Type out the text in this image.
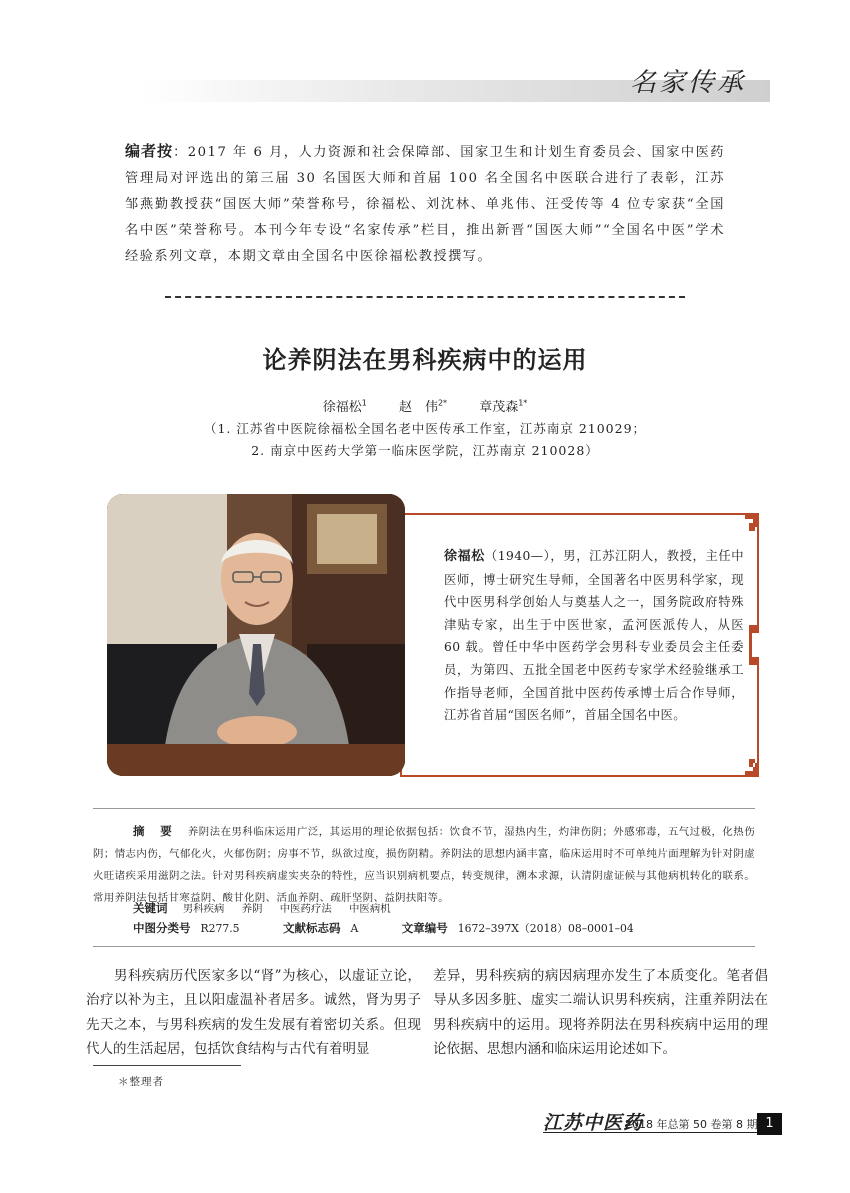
名家传承
编者按：2017 年 6 月，人力资源和社会保障部、国家卫生和计划生育委员会、国家中医药管理局对评选出的第三届 30 名国医大师和首届 100 名全国名中医联合进行了表彰，江苏邹燕勤教授获“国医大师”荣誉称号，徐福松、刘沈林、单兆伟、汪受传等 4 位专家获“全国名中医”荣誉称号。本刊今年专设“名家传承”栏目，推出新晋“国医大师”“全国名中医”学术经验系列文章，本期文章由全国名中医徐福松教授撰写。
论养阴法在男科疾病中的运用
徐福松$^1$ 赵　伟$^{2*}$ 章茂森$^{1*}$
（1. 江苏省中医院徐福松全国名老中医传承工作室，江苏南京 210029；
2. 南京中医药大学第一临床医学院，江苏南京 210028）
徐福松（1940—），男，江苏江阴人，教授，主任中医师，博士研究生导师，全国著名中医男科学家，现代中医男科学创始人与奠基人之一，国务院政府特殊津贴专家，出生于中医世家，孟河医派传人，从医 60 载。曾任中华中医药学会男科专业委员会主任委员，为第四、五批全国老中医药专家学术经验继承工作指导老师，全国首批中医药传承博士后合作导师，江苏省首届“国医名师”，首届全国名中医。
摘　要 养阴法在男科临床运用广泛，其运用的理论依据包括：饮食不节，湿热内生，灼津伤阴；外感邪毒，五气过极，化热伤阴；情志内伤，气郁化火，火郁伤阴；房事不节，纵欲过度，损伤阴精。养阴法的思想内涵丰富，临床运用时不可单纯片面理解为针对阴虚火旺诸疾采用滋阴之法。针对男科疾病虚实夹杂的特性，应当识别病机要点，转变规律，溯本求源，认清阴虚证候与其他病机转化的联系。常用养阴法包括甘寒益阴、酸甘化阴、活血养阴、疏肝坚阴、益阴扶阳等。
关键词 男科疾病 养阴 中医药疗法 中医病机
中图分类号 R277.5	文献标志码 A	文章编号 1672–397X（2018）08–0001–04
男科疾病历代医家多以“肾”为核心，以虚证立论，治疗以补为主，且以阳虚温补者居多。诚然，肾为男子先天之本，与男科疾病的发生发展有着密切关系。但现代人的生活起居，包括饮食结构与古代有着明显
差异，男科疾病的病因病理亦发生了本质变化。笔者倡导从多因多脏、虚实二端认识男科疾病，注重养阴法在男科疾病中的运用。现将养阴法在男科疾病中运用的理论依据、思想内涵和临床运用论述如下。
＊整理者
江苏中医药
2018 年总第 50 卷第 8 期 1
